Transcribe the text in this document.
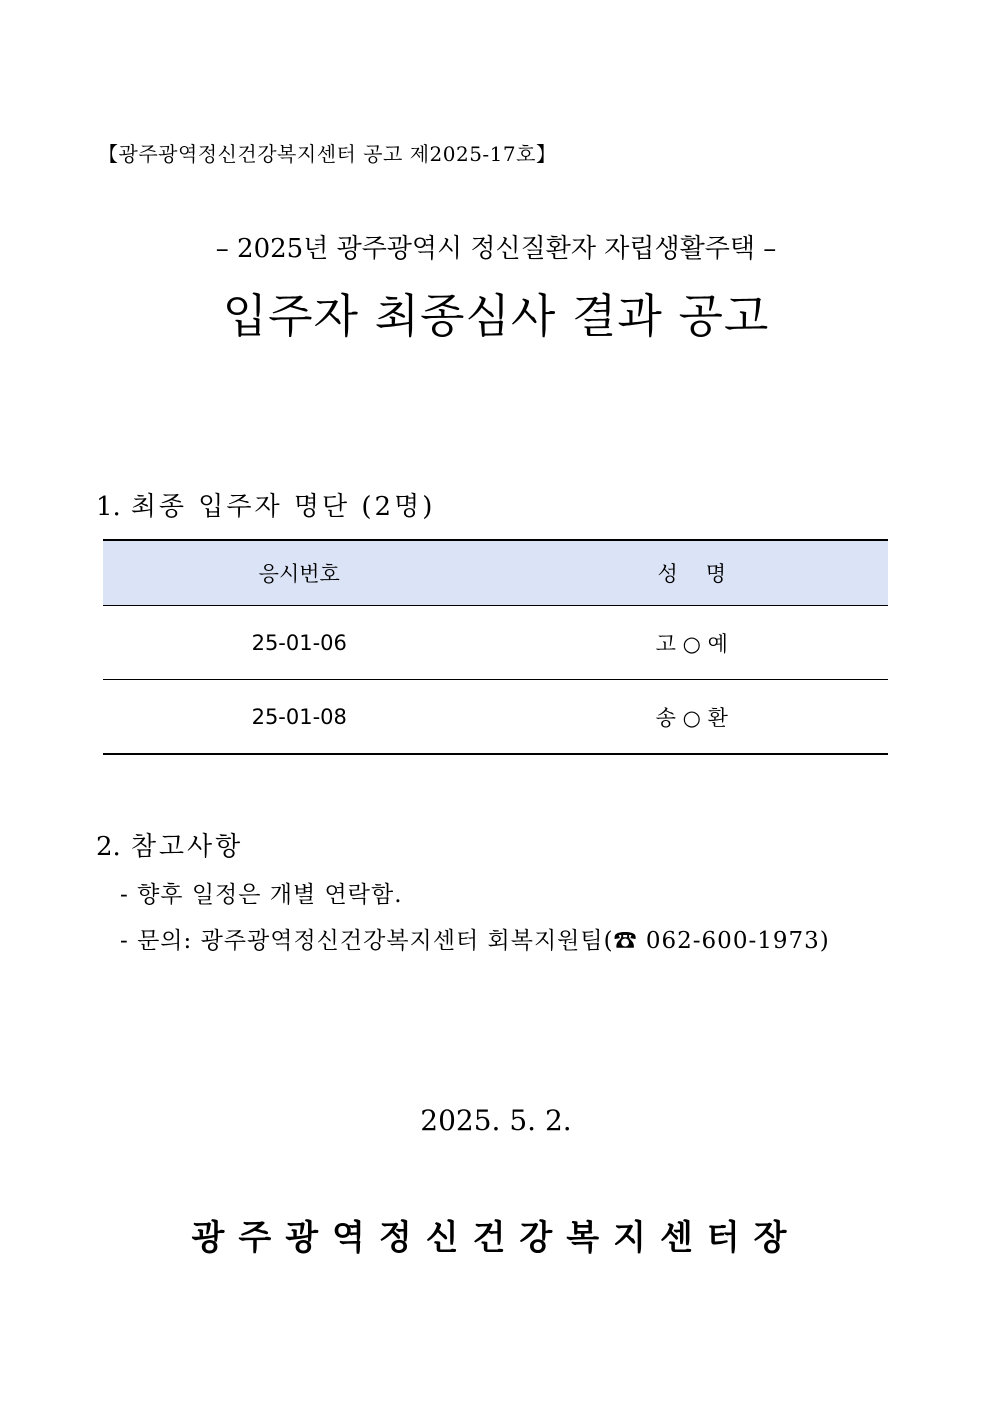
【광주광역정신건강복지센터 공고 제2025-17호】
– 2025년 광주광역시 정신질환자 자립생활주택 –
입주자 최종심사 결과 공고
1. 최종 입주자 명단 (2명)
응시번호	성명
25-01-06	고 ○ 예
25-01-08	송 ○ 환
2. 참고사항
- 향후 일정은 개별 연락함.
- 문의: 광주광역정신건강복지센터 회복지원팀(☎ 062-600-1973)
2025. 5. 2.
광주광역정신건강복지센터장
